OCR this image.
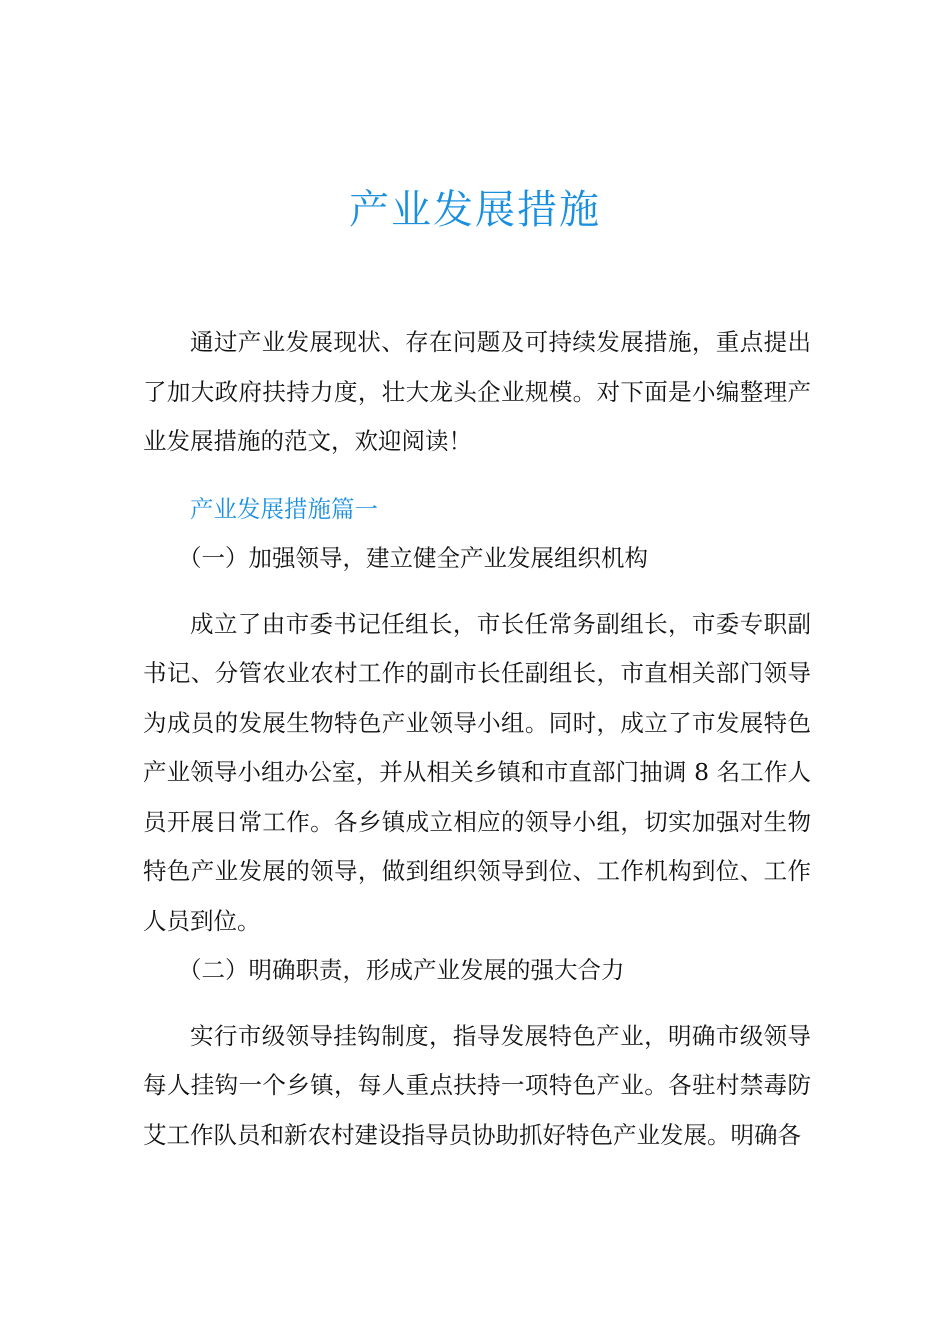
产业发展措施

通过产业发展现状、存在问题及可持续发展措施，重点提出了加大政府扶持力度，壮大龙头企业规模。对下面是小编整理产业发展措施的范文，欢迎阅读！

产业发展措施篇一

（一）加强领导，建立健全产业发展组织机构

成立了由市委书记任组长，市长任常务副组长，市委专职副书记、分管农业农村工作的副市长任副组长，市直相关部门领导为成员的发展生物特色产业领导小组。同时，成立了市发展特色产业领导小组办公室，并从相关乡镇和市直部门抽调 8 名工作人员开展日常工作。各乡镇成立相应的领导小组，切实加强对生物特色产业发展的领导，做到组织领导到位、工作机构到位、工作人员到位。

（二）明确职责，形成产业发展的强大合力

实行市级领导挂钩制度，指导发展特色产业，明确市级领导每人挂钩一个乡镇，每人重点扶持一项特色产业。各驻村禁毒防艾工作队员和新农村建设指导员协助抓好特色产业发展。明确各
